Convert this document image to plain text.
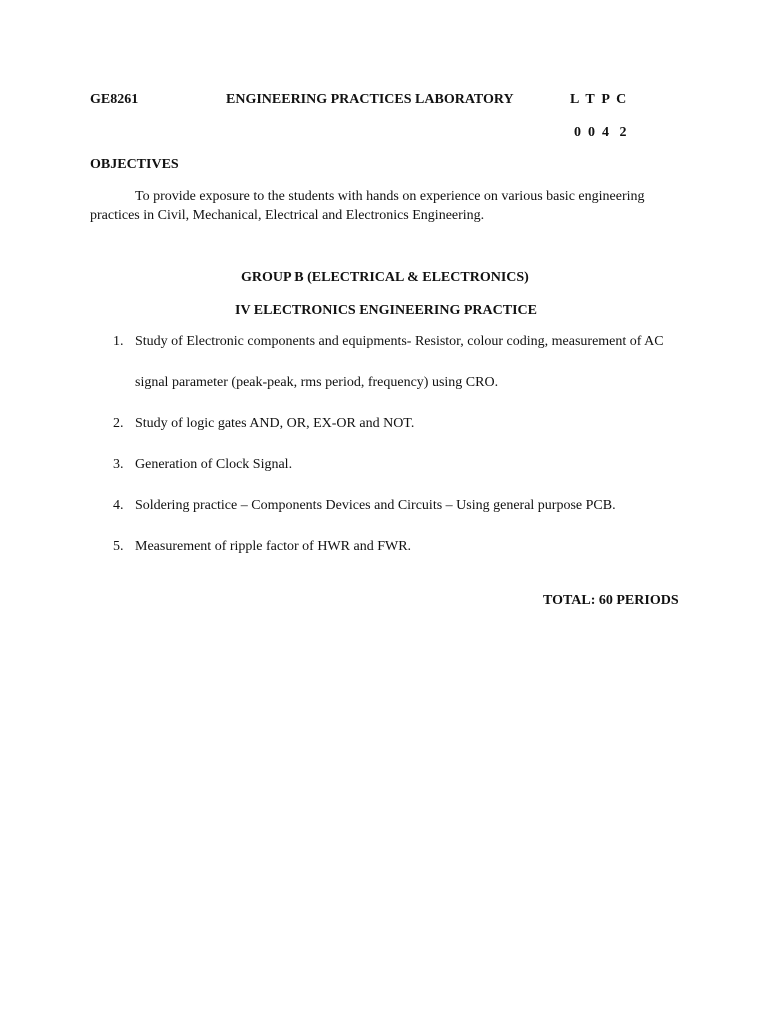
GE8261	ENGINEERING PRACTICES LABORATORY	L  T  P  C
0  0  4   2
OBJECTIVES
To provide exposure to the students with hands on experience on various basic engineering practices in Civil, Mechanical, Electrical and Electronics Engineering.
GROUP B (ELECTRICAL & ELECTRONICS)
IV ELECTRONICS ENGINEERING PRACTICE
1. Study of Electronic components and equipments- Resistor, colour coding, measurement of AC
signal parameter (peak-peak, rms period, frequency) using CRO.
2. Study of logic gates AND, OR, EX-OR and NOT.
3. Generation of Clock Signal.
4. Soldering practice – Components Devices and Circuits – Using general purpose PCB.
5. Measurement of ripple factor of HWR and FWR.
TOTAL: 60 PERIODS
